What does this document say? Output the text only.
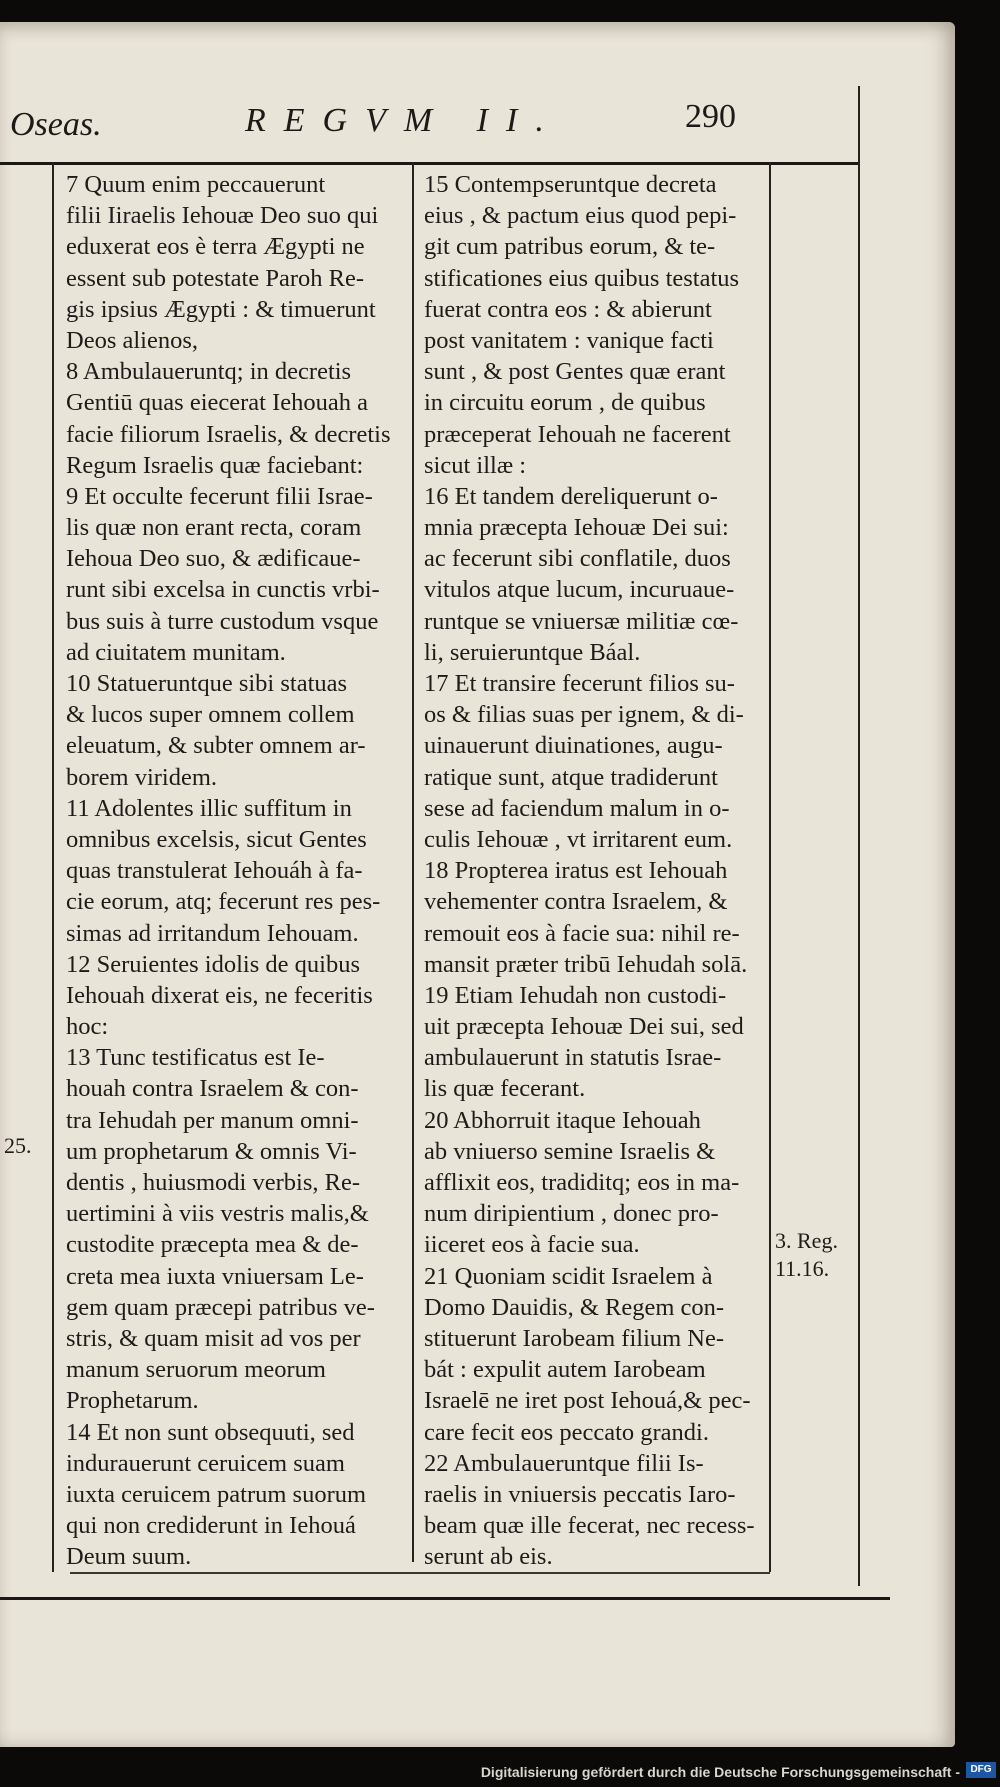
Oseas.	REGVM II.	290
7 Quum enim peccauerunt
filii Iiraelis Iehouæ Deo suo qui
eduxerat eos è terra Ægypti ne
essent sub potestate Paroh Re-
gis ipsius Ægypti : & timuerunt
Deos alienos,
8 Ambulaueruntq; in decretis
Gentiū quas eiecerat Iehouah a
facie filiorum Israelis, & decretis
Regum Israelis quæ faciebant:
9 Et occulte fecerunt filii Israe-
lis quæ non erant recta, coram
Iehoua Deo suo, & ædificaue-
runt sibi excelsa in cunctis vrbi-
bus suis à turre custodum vsque
ad ciuitatem munitam.
10 Statueruntque sibi statuas
& lucos super omnem collem
eleuatum, & subter omnem ar-
borem viridem.
11 Adolentes illic suffitum in
omnibus excelsis, sicut Gentes
quas transtulerat Iehouáh à fa-
cie eorum, atq; fecerunt res pes-
simas ad irritandum Iehouam.
12 Seruientes idolis de quibus
Iehouah dixerat eis, ne feceritis
hoc:
13 Tunc testificatus est Ie-
houah contra Israelem & con-
tra Iehudah per manum omni-
um prophetarum & omnis Vi-
dentis , huiusmodi verbis, Re-
uertimini à viis vestris malis,&
custodite præcepta mea & de-
creta mea iuxta vniuersam Le-
gem quam præcepi patribus ve-
stris, & quam misit ad vos per
manum seruorum meorum
Prophetarum.
14 Et non sunt obsequuti, sed
indurauerunt ceruicem suam
iuxta ceruicem patrum suorum
qui non crediderunt in Iehouá
Deum suum.
15 Contempseruntque decreta
eius , & pactum eius quod pepi-
git cum patribus eorum, & te-
stificationes eius quibus testatus
fuerat contra eos : & abierunt
post vanitatem : vanique facti
sunt , & post Gentes quæ erant
in circuitu eorum , de quibus
præceperat Iehouah ne facerent
sicut illæ :
16 Et tandem dereliquerunt o-
mnia præcepta Iehouæ Dei sui:
ac fecerunt sibi conflatile, duos
vitulos atque lucum, incuruaue-
runtque se vniuersæ militiæ cœ-
li, seruieruntque Báal.
17 Et transire fecerunt filios su-
os & filias suas per ignem, & di-
uinauerunt diuinationes, augu-
ratique sunt, atque tradiderunt
sese ad faciendum malum in o-
culis Iehouæ , vt irritarent eum.
18 Propterea iratus est Iehouah
vehementer contra Israelem, &
remouit eos à facie sua: nihil re-
mansit præter tribū Iehudah solā.
19 Etiam Iehudah non custodi-
uit præcepta Iehouæ Dei sui, sed
ambulauerunt in statutis Israe-
lis quæ fecerant.
20 Abhorruit itaque Iehouah
ab vniuerso semine Israelis &
afflixit eos, tradiditq; eos in ma-
num diripientium , donec pro-
iiceret eos à facie sua.
21 Quoniam scidit Israelem à
Domo Dauidis, & Regem con-
stituerunt Iarobeam filium Ne-
bát : expulit autem Iarobeam
Israelē ne iret post Iehouá,& pec-
care fecit eos peccato grandi.
22 Ambulaueruntque filii Is-
raelis in vniuersis peccatis Iaro-
beam quæ ille fecerat, nec recess-
serunt ab eis.
25.
3. Reg.
11.16.
Digitalisierung gefördert durch die Deutsche Forschungsgemeinschaft -	DFG
